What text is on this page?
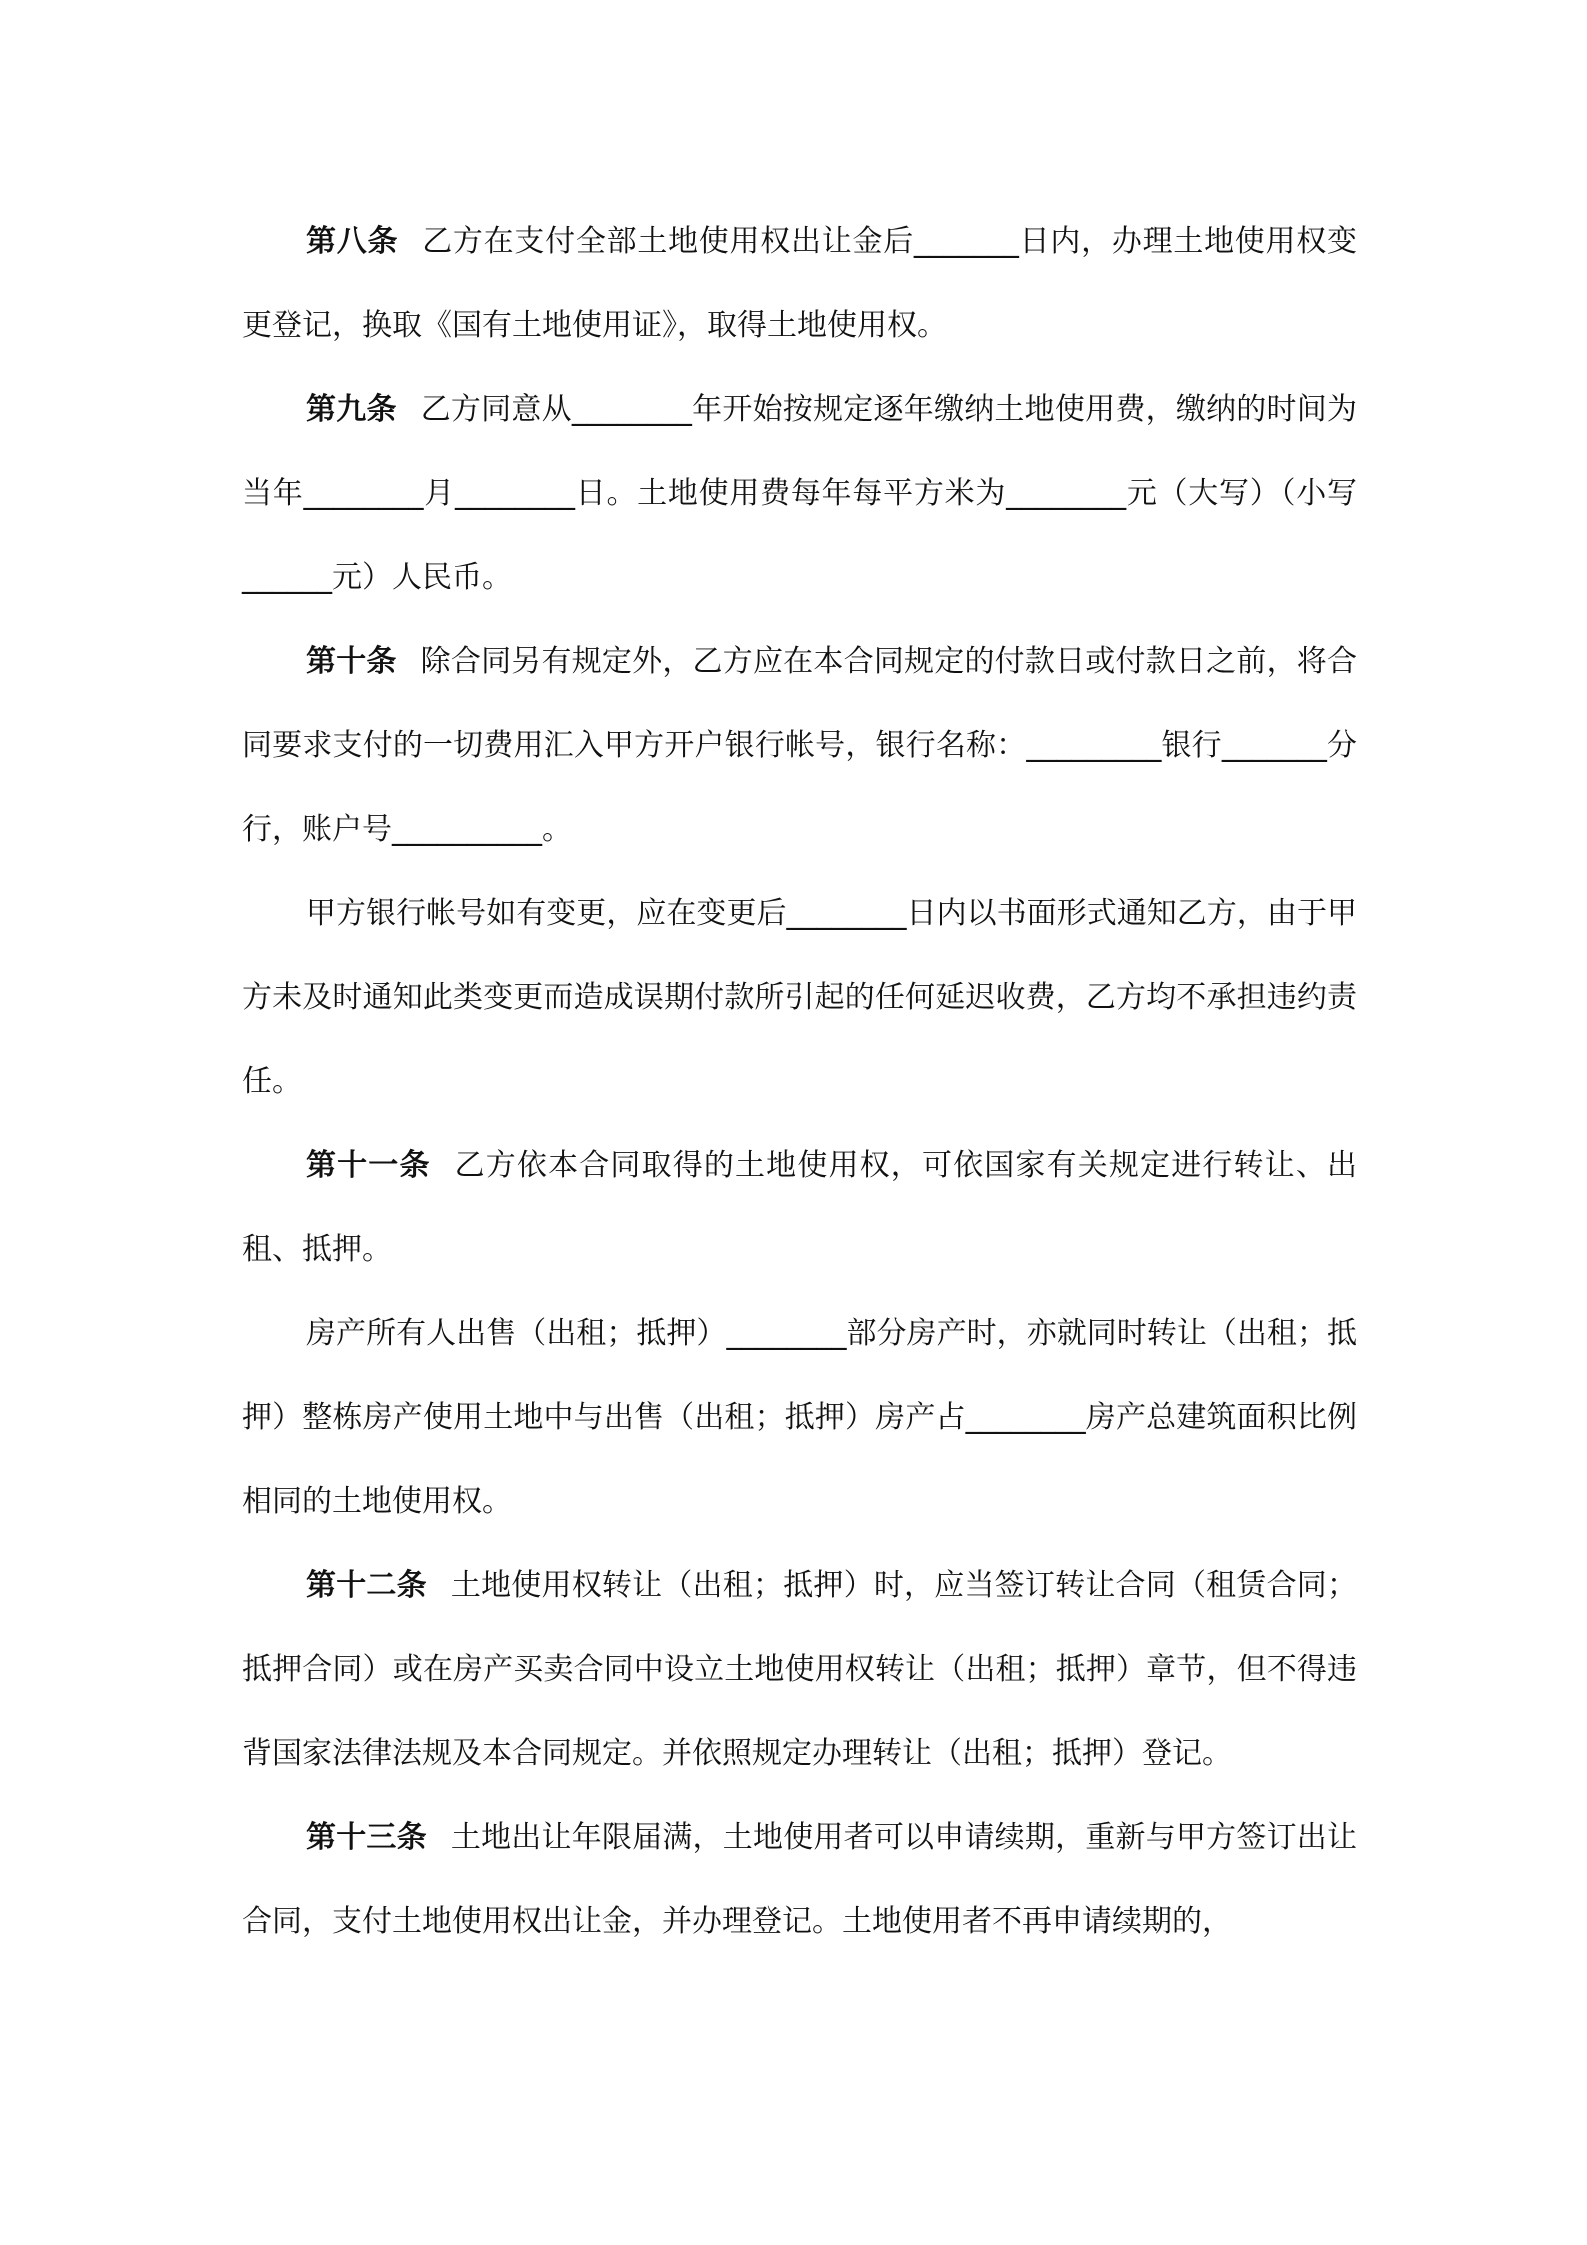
第八条 乙方在支付全部土地使用权出让金后_______日内，办理土地使用权变更登记，换取《国有土地使用证》，取得土地使用权。

第九条 乙方同意从________年开始按规定逐年缴纳土地使用费，缴纳的时间为当年________月________日。土地使用费每年每平方米为________元（大写）（小写______元）人民币。

第十条 除合同另有规定外，乙方应在本合同规定的付款日或付款日之前，将合同要求支付的一切费用汇入甲方开户银行帐号，银行名称：_________银行_______分行，账户号__________。

甲方银行帐号如有变更，应在变更后________日内以书面形式通知乙方，由于甲方未及时通知此类变更而造成误期付款所引起的任何延迟收费，乙方均不承担违约责任。

第十一条 乙方依本合同取得的土地使用权，可依国家有关规定进行转让、出租、抵押。

房产所有人出售（出租；抵押）________部分房产时，亦就同时转让（出租；抵押）整栋房产使用土地中与出售（出租；抵押）房产占________房产总建筑面积比例相同的土地使用权。

第十二条 土地使用权转让（出租；抵押）时，应当签订转让合同（租赁合同；抵押合同）或在房产买卖合同中设立土地使用权转让（出租；抵押）章节，但不得违背国家法律法规及本合同规定。并依照规定办理转让（出租；抵押）登记。

第十三条 土地出让年限届满，土地使用者可以申请续期，重新与甲方签订出让合同，支付土地使用权出让金，并办理登记。土地使用者不再申请续期的，
